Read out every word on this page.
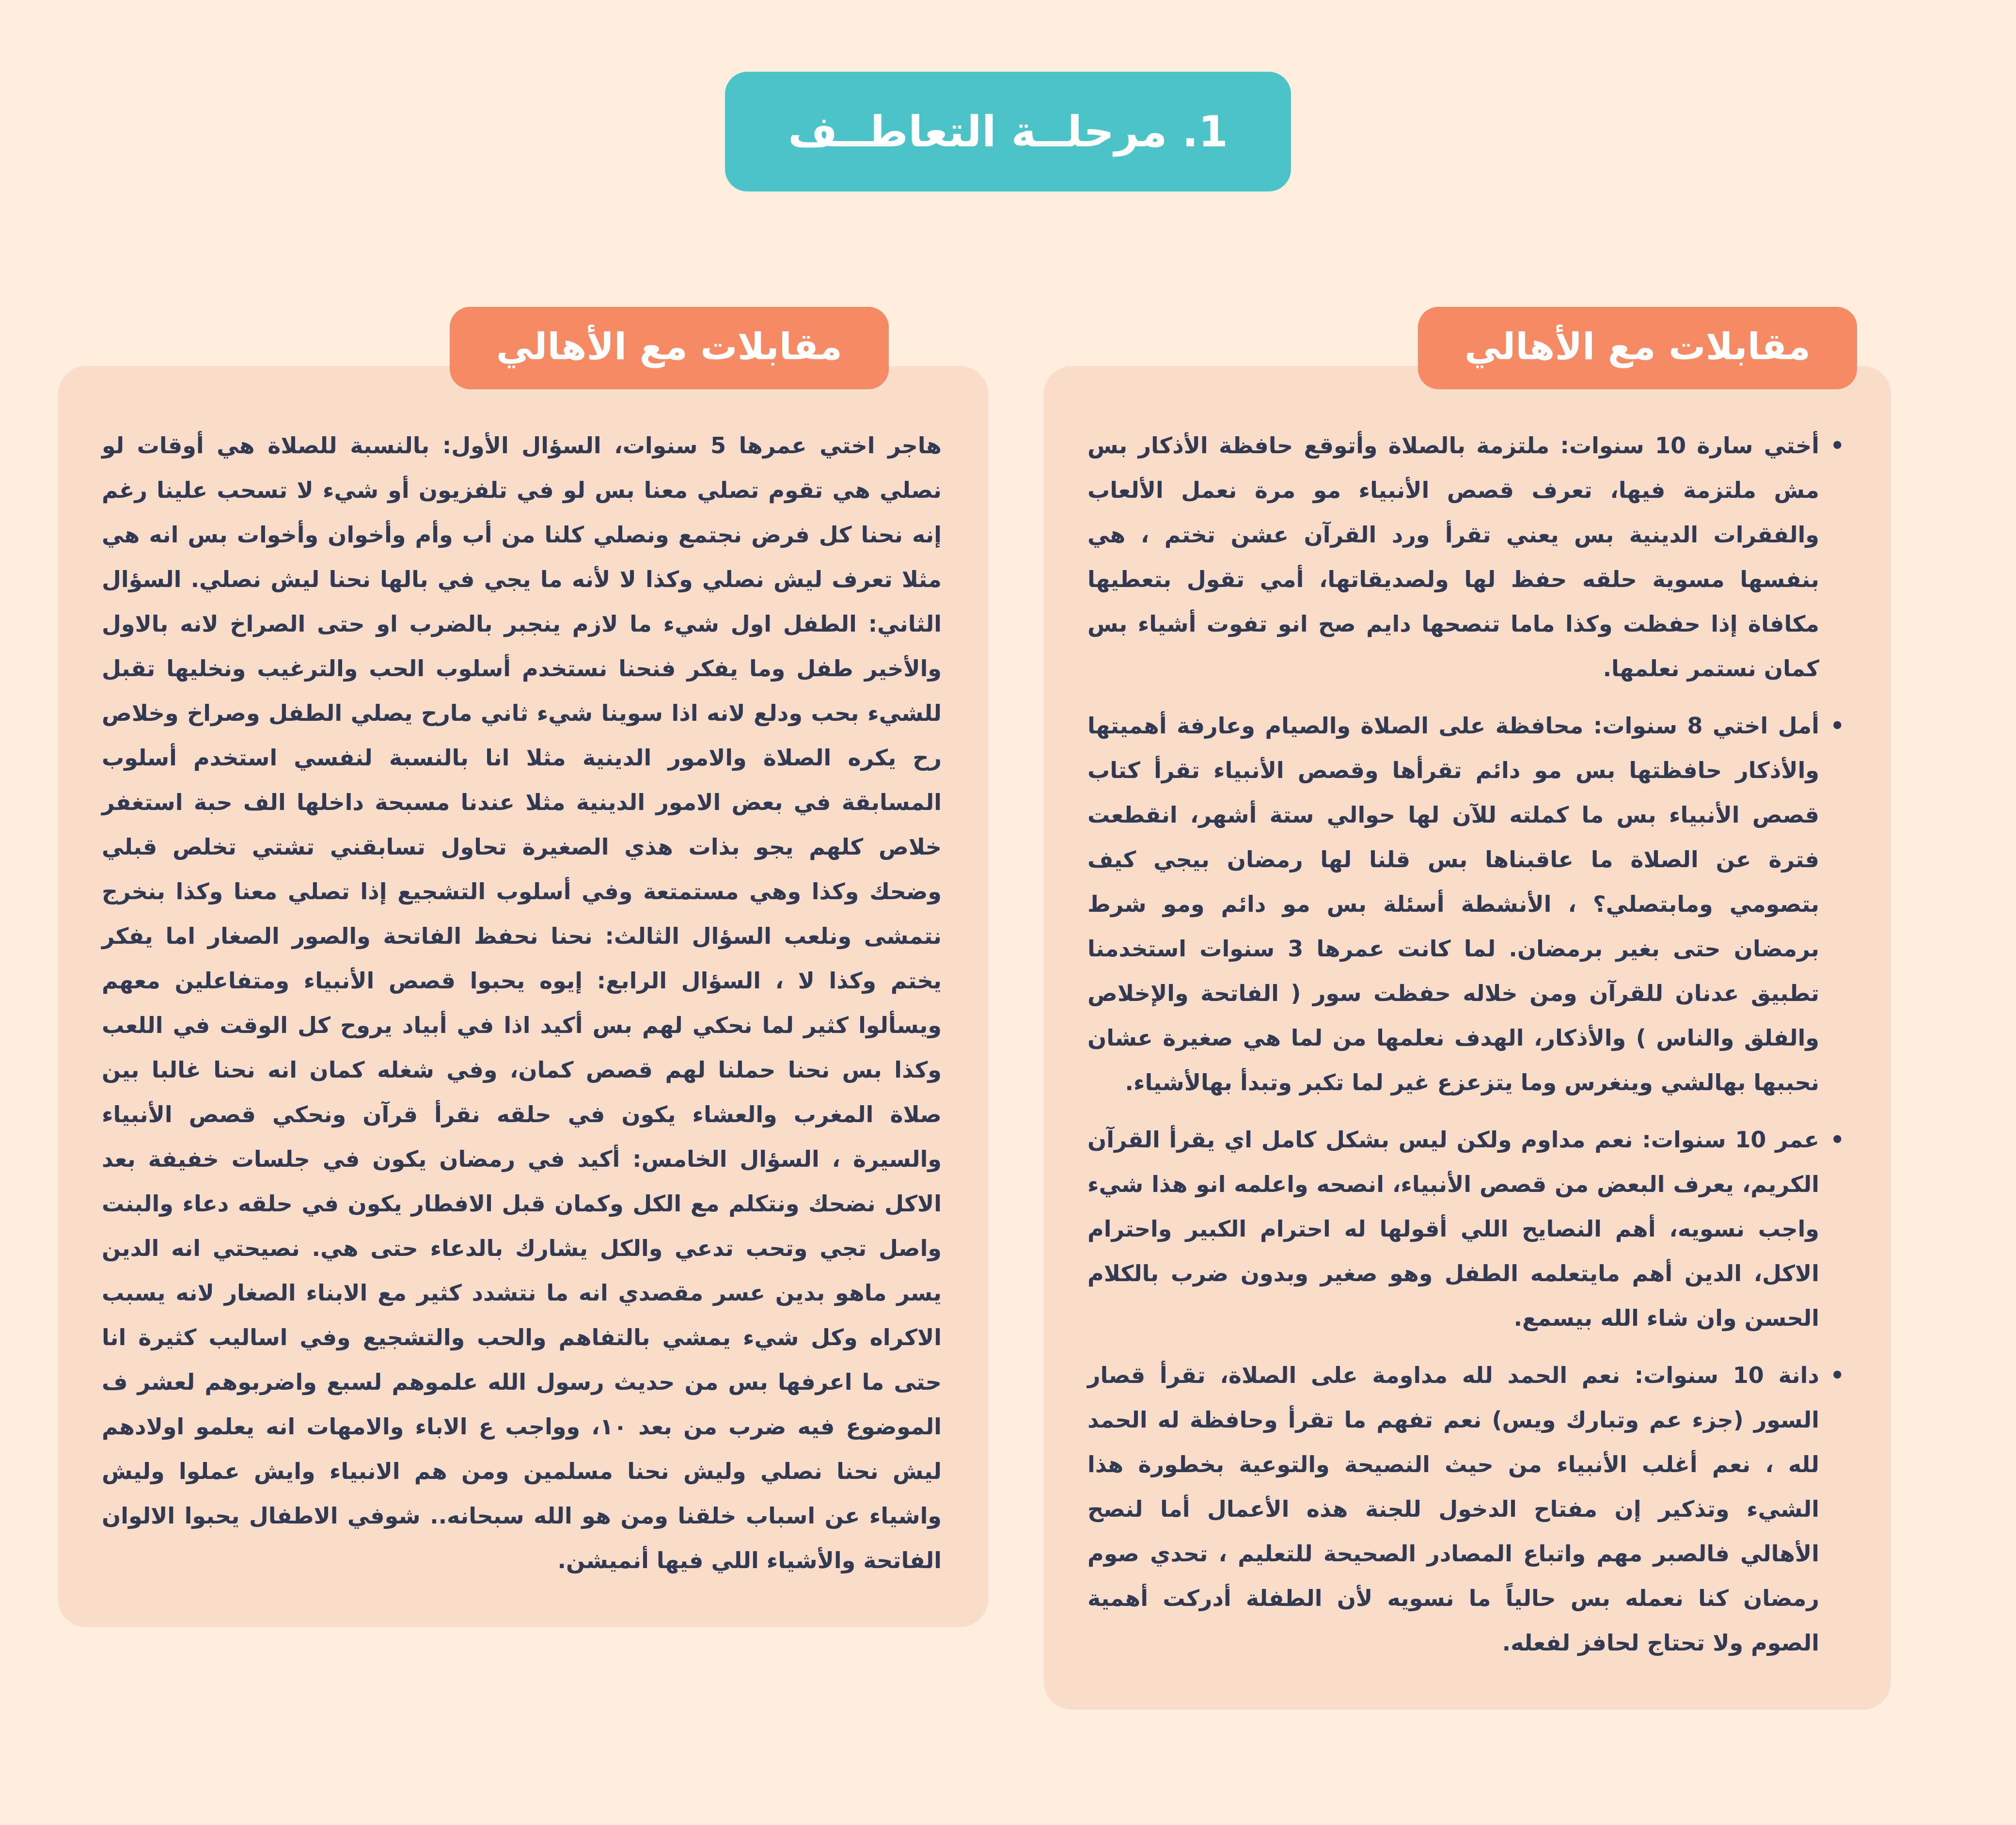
1. مرحلــة التعاطــف
مقابلات مع الأهالي
• أختي سارة 10 سنوات: ملتزمة بالصلاة وأتوقع حافظة الأذكار بس مش ملتزمة فيها، تعرف قصص الأنبياء مو مرة نعمل الألعاب والفقرات الدينية بس يعني تقرأ ورد القرآن عشن تختم ، هي بنفسها مسوية حلقه حفظ لها ولصديقاتها، أمي تقول بتعطيها مكافاة إذا حفظت وكذا ماما تنصحها دايم صح انو تفوت أشياء بس كمان نستمر نعلمها.
• أمل اختي 8 سنوات: محافظة على الصلاة والصيام وعارفة أهميتها والأذكار حافظتها بس مو دائم تقرأها وقصص الأنبياء تقرأ كتاب قصص الأنبياء بس ما كملته للآن لها حوالي ستة أشهر، انقطعت فترة عن الصلاة ما عاقبناها بس قلنا لها رمضان بيجي كيف بتصومي ومابتصلي؟ ، الأنشطة أسئلة بس مو دائم ومو شرط برمضان حتى بغير برمضان. لما كانت عمرها 3 سنوات استخدمنا تطبيق عدنان للقرآن ومن خلاله حفظت سور ( الفاتحة والإخلاص والفلق والناس ) والأذكار، الهدف نعلمها من لما هي صغيرة عشان نحببها بهالشي وينغرس وما يتزعزع غير لما تكبر وتبدأ بهالأشياء.
• عمر 10 سنوات: نعم مداوم ولكن ليس بشكل كامل اي يقرأ القرآن الكريم، يعرف البعض من قصص الأنبياء، انصحه واعلمه انو هذا شيء واجب نسويه، أهم النصايح اللي أقولها له احترام الكبير واحترام الاكل، الدين أهم مايتعلمه الطفل وهو صغير وبدون ضرب بالكلام الحسن وان شاء الله بيسمع.
• دانة 10 سنوات: نعم الحمد لله مداومة على الصلاة، تقرأ قصار السور (جزء عم وتبارك ويس) نعم تفهم ما تقرأ وحافظة له الحمد لله ، نعم أغلب الأنبياء من حيث النصيحة والتوعية بخطورة هذا الشيء وتذكير إن مفتاح الدخول للجنة هذه الأعمال أما لنصح الأهالي فالصبر مهم واتباع المصادر الصحيحة للتعليم ، تحدي صوم رمضان كنا نعمله بس حالياً ما نسويه لأن الطفلة أدركت أهمية الصوم ولا تحتاج لحافز لفعله.
مقابلات مع الأهالي

هاجر اختي عمرها 5 سنوات، السؤال الأول: بالنسبة للصلاة هي أوقات لو نصلي هي تقوم تصلي معنا بس لو في تلفزيون أو شيء لا تسحب علينا رغم إنه نحنا كل فرض نجتمع ونصلي كلنا من أب وأم وأخوان وأخوات بس انه هي مثلا تعرف ليش نصلي وكذا لا لأنه ما يجي في بالها نحنا ليش نصلي. السؤال الثاني: الطفل اول شيء ما لازم ينجبر بالضرب او حتى الصراخ لانه بالاول والأخير طفل وما يفكر فنحنا نستخدم أسلوب الحب والترغيب ونخليها تقبل للشيء بحب ودلع لانه اذا سوينا شيء ثاني مارح يصلي الطفل وصراخ وخلاص رح يكره الصلاة والامور الدينية مثلا انا بالنسبة لنفسي استخدم أسلوب المسابقة في بعض الامور الدينية مثلا عندنا مسبحة داخلها الف حبة استغفر خلاص كلهم يجو بذات هذي الصغيرة تحاول تسابقني تشتي تخلص قبلي وضحك وكذا وهي مستمتعة وفي أسلوب التشجيع إذا تصلي معنا وكذا بنخرج نتمشى ونلعب السؤال الثالث: نحنا نحفظ الفاتحة والصور الصغار اما يفكر يختم وكذا لا ، السؤال الرابع: إيوه يحبوا قصص الأنبياء ومتفاعلين معهم ويسألوا كثير لما نحكي لهم بس أكيد اذا في أبياد يروح كل الوقت في اللعب وكذا بس نحنا حملنا لهم قصص كمان، وفي شغله كمان انه نحنا غالبا بين صلاة المغرب والعشاء يكون في حلقه نقرأ قرآن ونحكي قصص الأنبياء والسيرة ، السؤال الخامس: أكيد في رمضان يكون في جلسات خفيفة بعد الاكل نضحك ونتكلم مع الكل وكمان قبل الافطار يكون في حلقه دعاء والبنت واصل تجي وتحب تدعي والكل يشارك بالدعاء حتى هي. نصيحتي انه الدين يسر ماهو بدين عسر مقصدي انه ما نتشدد كثير مع الابناء الصغار لانه يسبب الاكراه وكل شيء يمشي بالتفاهم والحب والتشجيع وفي اساليب كثيرة انا حتى ما اعرفها بس من حديث رسول الله علموهم لسبع واضربوهم لعشر ف الموضوع فيه ضرب من بعد ١٠، وواجب ع الاباء والامهات انه يعلمو اولادهم ليش نحنا نصلي وليش نحنا مسلمين ومن هم الانبياء وايش عملوا وليش واشياء عن اسباب خلقنا ومن هو الله سبحانه.. شوفي الاطفال يحبوا الالوان الفاتحة والأشياء اللي فيها أنميشن.
